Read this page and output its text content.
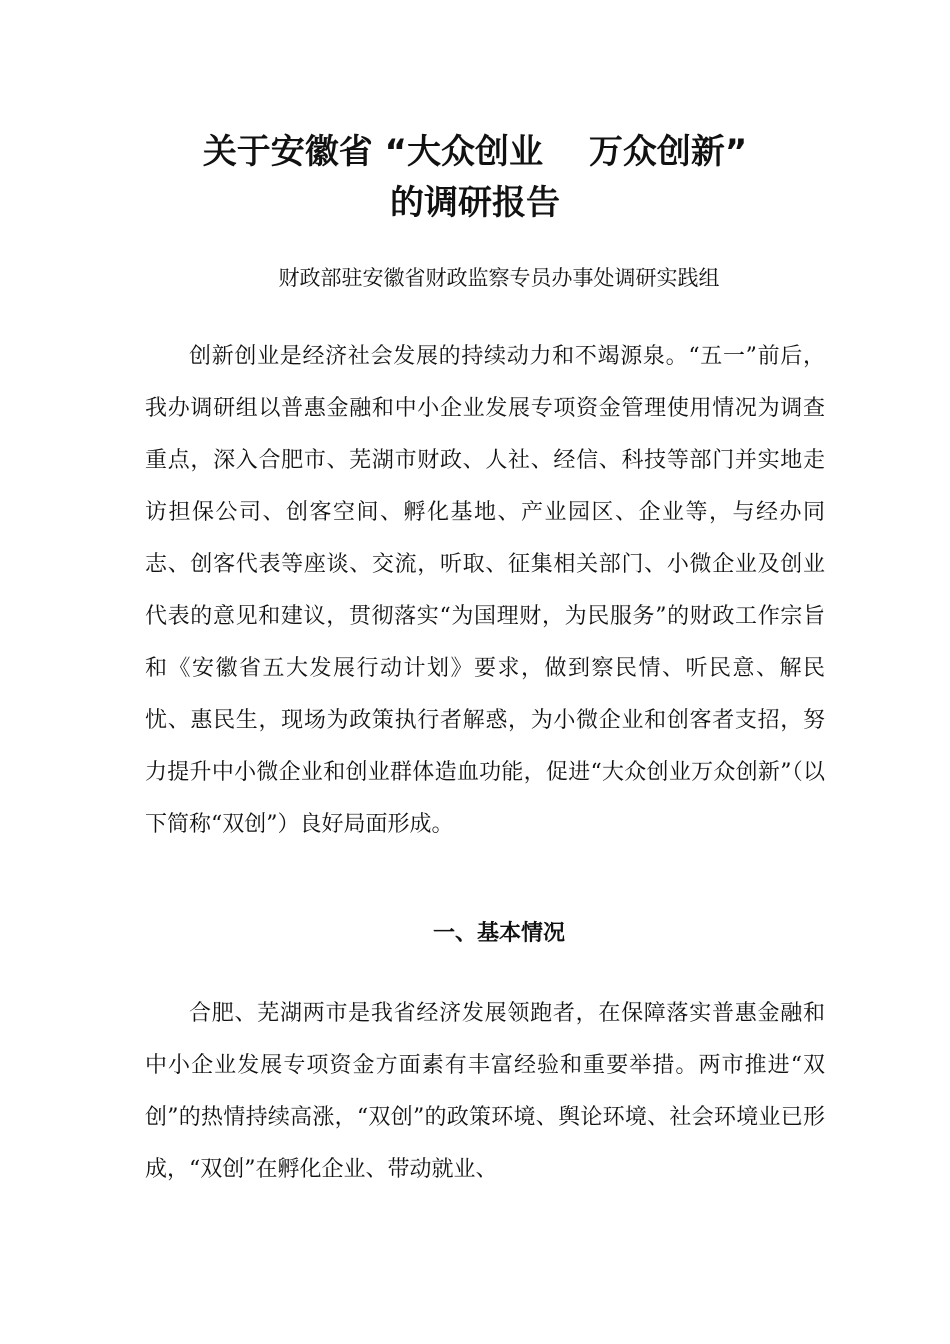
关于安徽省 “大众创业　 万众创新”
的调研报告
财政部驻安徽省财政监察专员办事处调研实践组

创新创业是经济社会发展的持续动力和不竭源泉。“五一”前后，我办调研组以普惠金融和中小企业发展专项资金管理使用情况为调查重点，深入合肥市、芜湖市财政、人社、经信、科技等部门并实地走访担保公司、创客空间、孵化基地、产业园区、企业等，与经办同志、创客代表等座谈、交流，听取、征集相关部门、小微企业及创业代表的意见和建议，贯彻落实“为国理财，为民服务”的财政工作宗旨和《安徽省五大发展行动计划》要求，做到察民情、听民意、解民忧、惠民生，现场为政策执行者解惑，为小微企业和创客者支招，努力提升中小微企业和创业群体造血功能，促进“大众创业万众创新”（以下简称“双创”）良好局面形成。

一、基本情况

合肥、芜湖两市是我省经济发展领跑者，在保障落实普惠金融和中小企业发展专项资金方面素有丰富经验和重要举措。两市推进“双创”的热情持续高涨，“双创”的政策环境、舆论环境、社会环境业已形成，“双创”在孵化企业、带动就业、
